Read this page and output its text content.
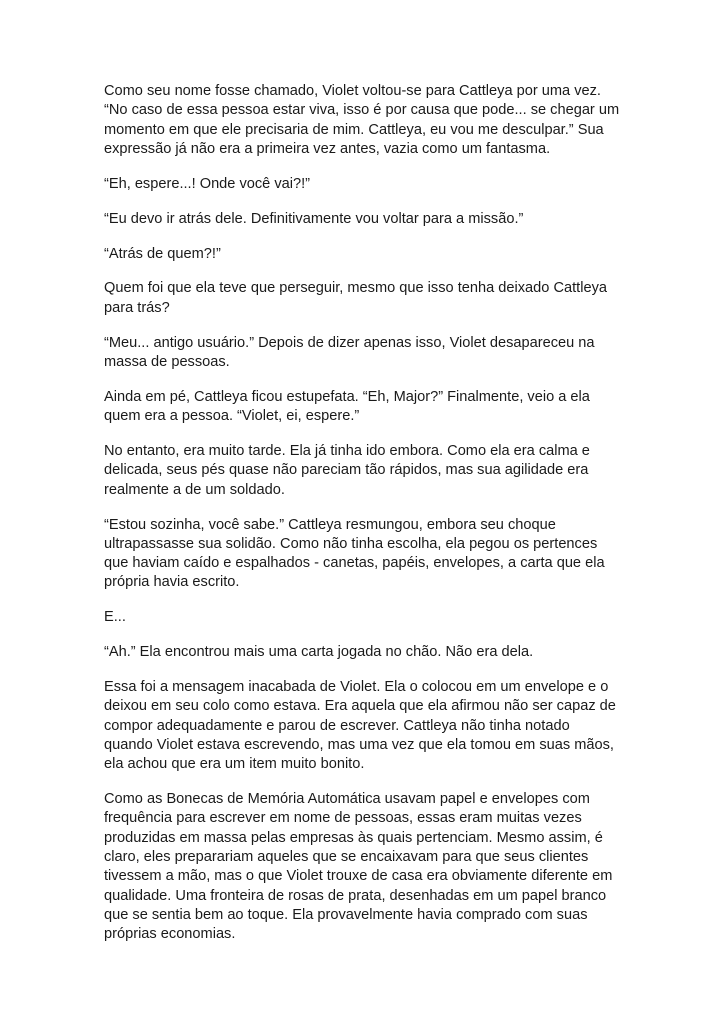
Como seu nome fosse chamado, Violet voltou-se para Cattleya por uma vez.
“No caso de essa pessoa estar viva, isso é por causa que pode... se chegar um
momento em que ele precisaria de mim. Cattleya, eu vou me desculpar.” Sua
expressão já não era a primeira vez antes, vazia como um fantasma.

“Eh, espere...! Onde você vai?!”

“Eu devo ir atrás dele. Definitivamente vou voltar para a missão.”

“Atrás de quem?!”

Quem foi que ela teve que perseguir, mesmo que isso tenha deixado Cattleya
para trás?

“Meu... antigo usuário.” Depois de dizer apenas isso, Violet desapareceu na
massa de pessoas.

Ainda em pé, Cattleya ficou estupefata. “Eh, Major?” Finalmente, veio a ela
quem era a pessoa. “Violet, ei, espere.”

No entanto, era muito tarde. Ela já tinha ido embora. Como ela era calma e
delicada, seus pés quase não pareciam tão rápidos, mas sua agilidade era
realmente a de um soldado.

“Estou sozinha, você sabe.” Cattleya resmungou, embora seu choque
ultrapassasse sua solidão. Como não tinha escolha, ela pegou os pertences
que haviam caído e espalhados - canetas, papéis, envelopes, a carta que ela
própria havia escrito.

E...

“Ah.” Ela encontrou mais uma carta jogada no chão. Não era dela.

Essa foi a mensagem inacabada de Violet. Ela o colocou em um envelope e o
deixou em seu colo como estava. Era aquela que ela afirmou não ser capaz de
compor adequadamente e parou de escrever. Cattleya não tinha notado
quando Violet estava escrevendo, mas uma vez que ela tomou em suas mãos,
ela achou que era um item muito bonito.

Como as Bonecas de Memória Automática usavam papel e envelopes com
frequência para escrever em nome de pessoas, essas eram muitas vezes
produzidas em massa pelas empresas às quais pertenciam. Mesmo assim, é
claro, eles preparariam aqueles que se encaixavam para que seus clientes
tivessem a mão, mas o que Violet trouxe de casa era obviamente diferente em
qualidade. Uma fronteira de rosas de prata, desenhadas em um papel branco
que se sentia bem ao toque. Ela provavelmente havia comprado com suas
próprias economias.
